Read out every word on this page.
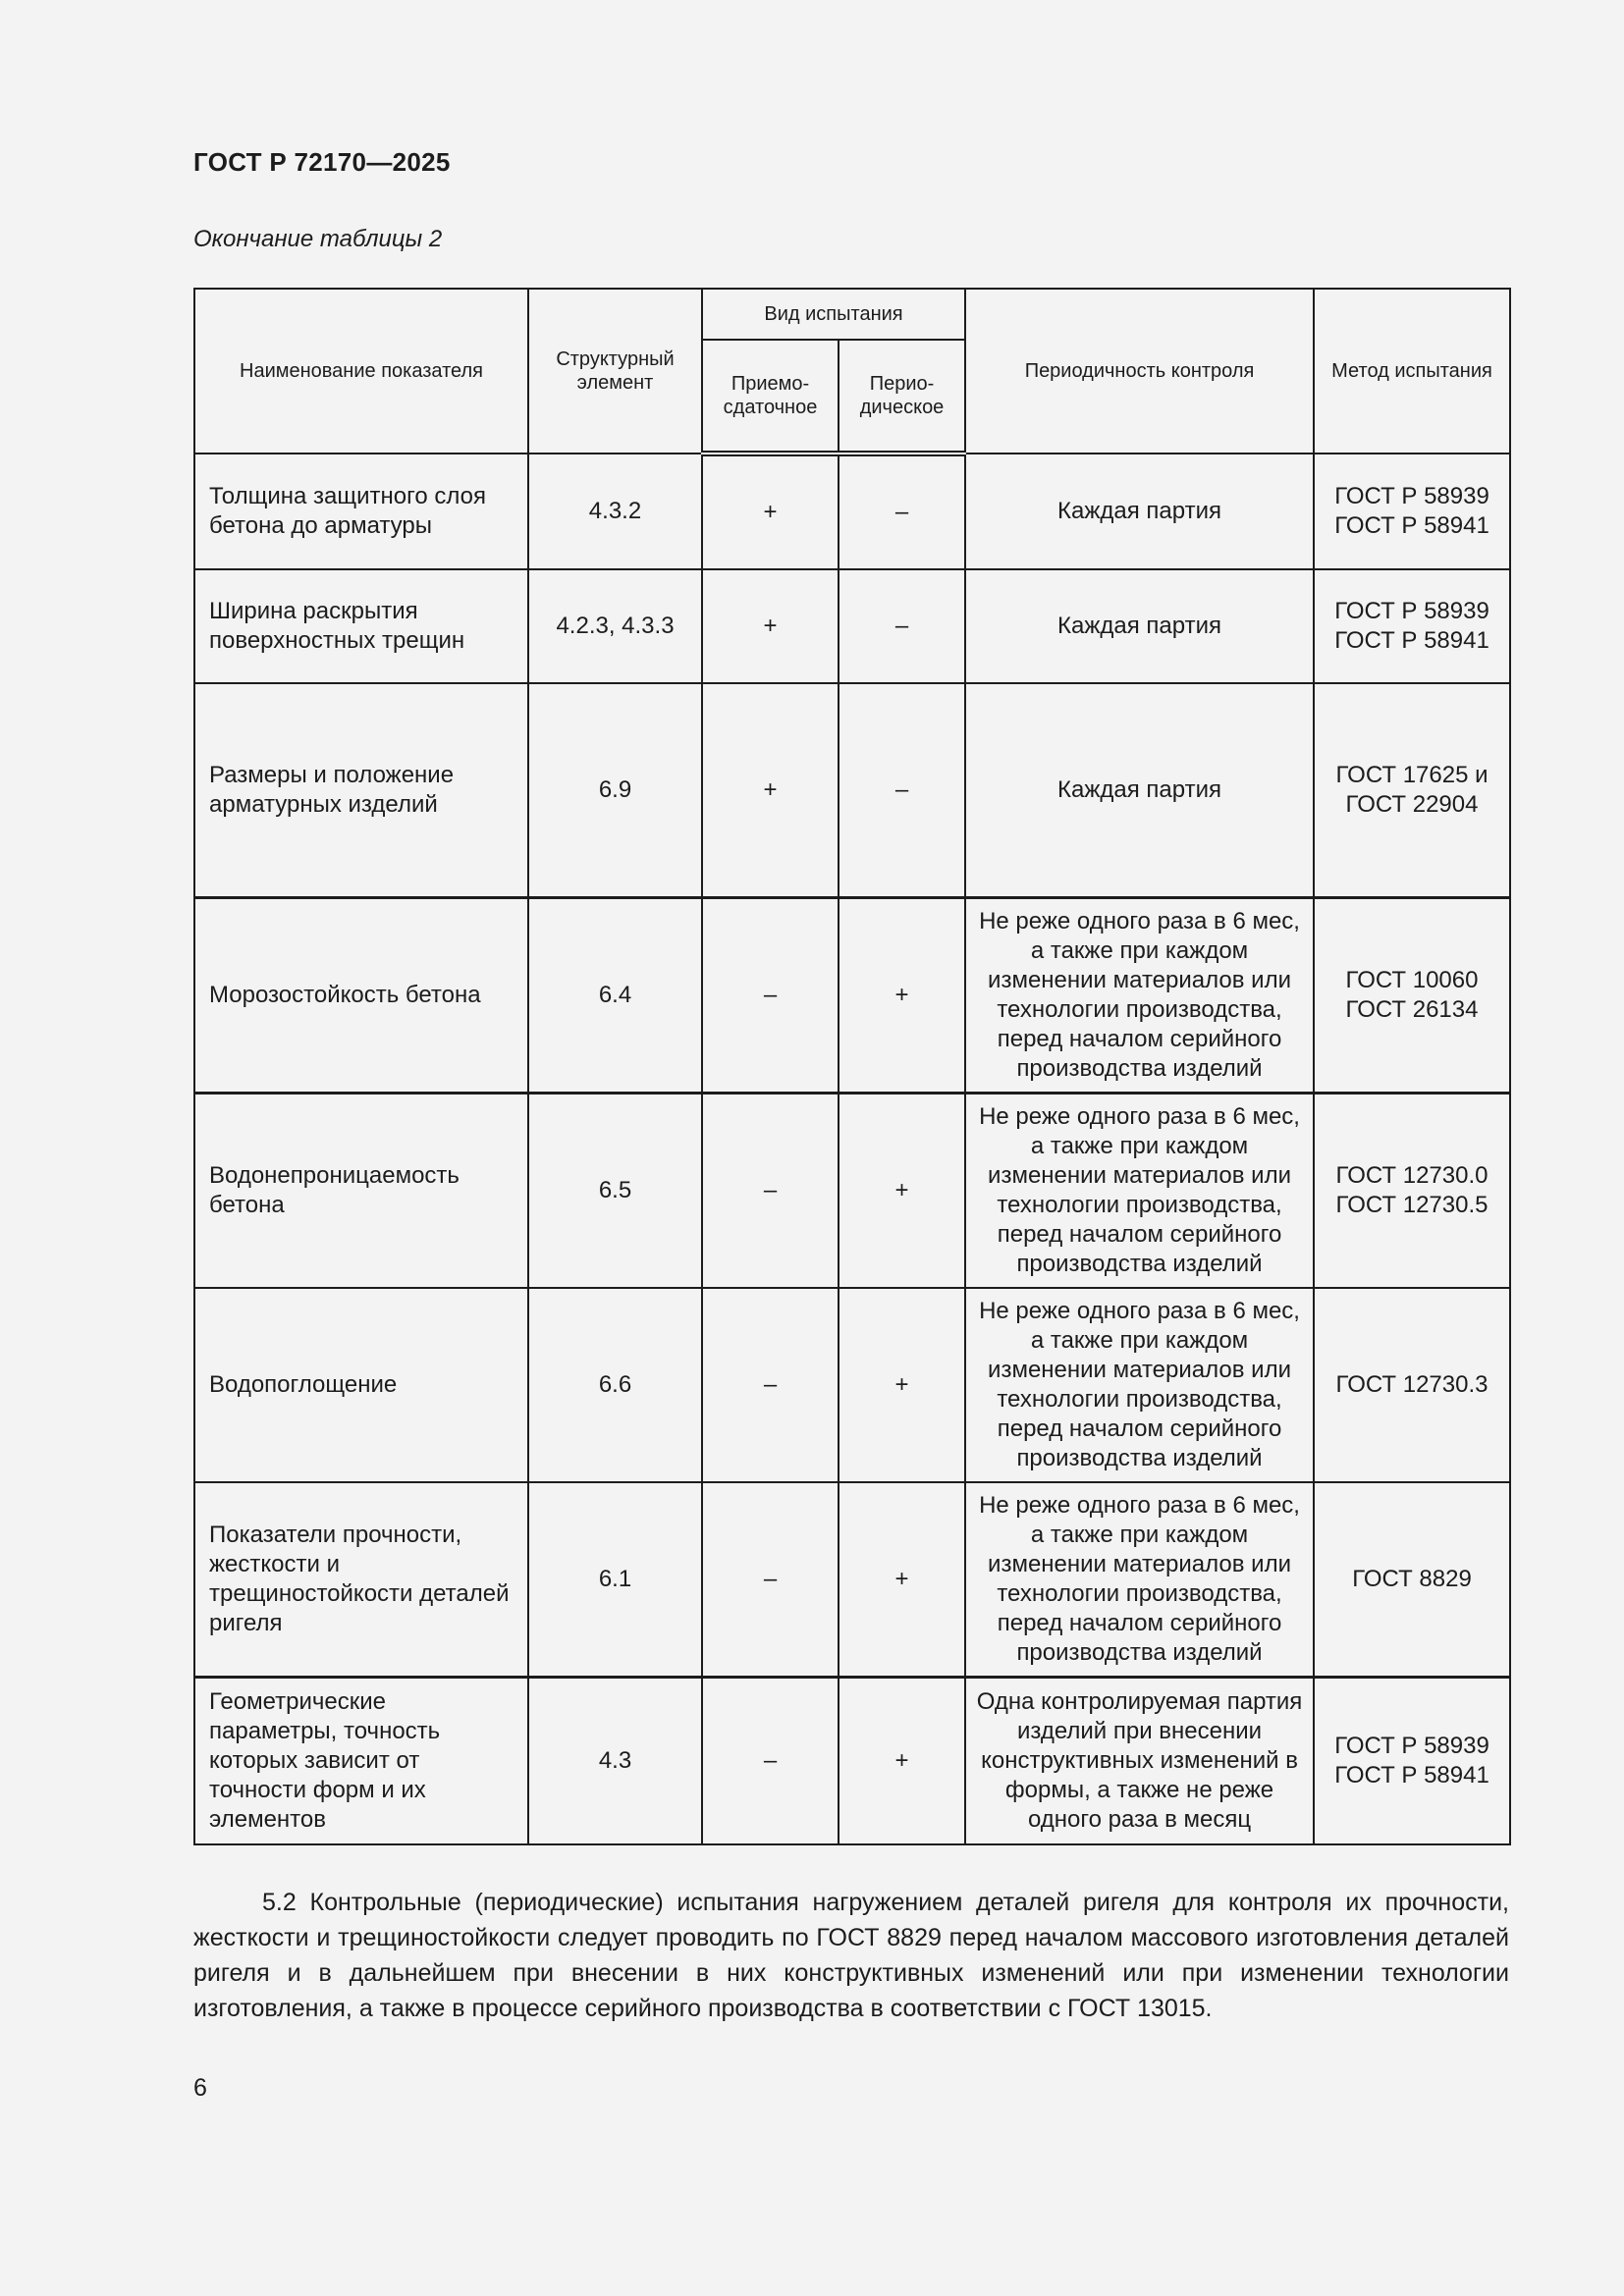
ГОСТ Р 72170—2025
Окончание таблицы 2
Наименование показателя	Структурный элемент	Вид испытания		Периодичность контроля	Метод испытания
		Приемо-сдаточное	Перио-дическое		
Толщина защитного слоя бетона до арматуры	4.3.2	+	–	Каждая партия	ГОСТ Р 58939 ГОСТ Р 58941
Ширина раскрытия поверхностных трещин	4.2.3, 4.3.3	+	–	Каждая партия	ГОСТ Р 58939 ГОСТ Р 58941
Размеры и положение арматурных изделий	6.9	+	–	Каждая партия	ГОСТ 17625 и ГОСТ 22904
Морозостойкость бетона	6.4	–	+	Не реже одного раза в 6 мес, а также при каждом изменении материалов или технологии производства, перед началом серийного производства изделий	ГОСТ 10060 ГОСТ 26134
Водонепроницаемость бетона	6.5	–	+	Не реже одного раза в 6 мес, а также при каждом изменении материалов или технологии производства, перед началом серийного производства изделий	ГОСТ 12730.0 ГОСТ 12730.5
Водопоглощение	6.6	–	+	Не реже одного раза в 6 мес, а также при каждом изменении материалов или технологии производства, перед началом серийного производства изделий	ГОСТ 12730.3
Показатели прочности, жесткости и трещиностойкости деталей ригеля	6.1	–	+	Не реже одного раза в 6 мес, а также при каждом изменении материалов или технологии производства, перед началом серийного производства изделий	ГОСТ 8829
Геометрические параметры, точность которых зависит от точности форм и их элементов	4.3	–	+	Одна контролируемая партия изделий при внесении конструктивных изменений в формы, а также не реже одного раза в месяц	ГОСТ Р 58939 ГОСТ Р 58941

5.2 Контрольные (периодические) испытания нагружением деталей ригеля для контроля их прочности, жесткости и трещиностойкости следует проводить по ГОСТ 8829 перед началом массового изготовления деталей ригеля и в дальнейшем при внесении в них конструктивных изменений или при изменении технологии изготовления, а также в процессе серийного производства в соответствии с ГОСТ 13015.

6
